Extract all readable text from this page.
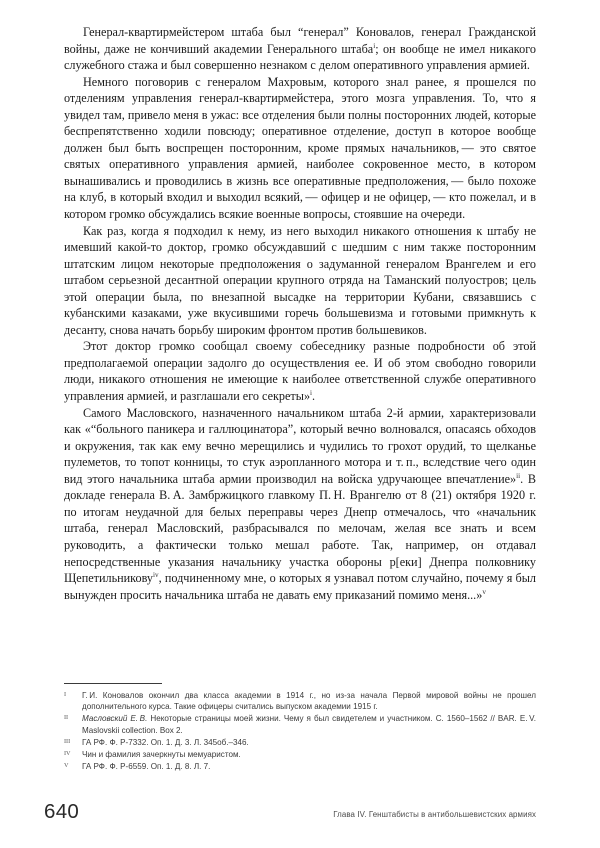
Генерал-квартирмейстером штаба был “генерал” Коновалов, генерал Гражданской войны, даже не кончивший академии Генерального штаба$^i$; он вообще не имел никакого служебного стажа и был совершенно незнаком с делом оперативного управления армией.

Немного поговорив с генералом Махровым, которого знал ранее, я прошелся по отделениям управления генерал-квартирмейстера, этого мозга управления. То, что я увидел там, привело меня в ужас: все отделения были полны посторонних людей, которые беспрепятственно ходили повсюду; оперативное отделение, доступ в которое вообще должен был быть воспрещен посторонним, кроме прямых начальников, — это святое святых оперативного управления армией, наиболее сокровенное место, в котором вынашивались и проводились в жизнь все оперативные предположения, — было похоже на клуб, в который входил и выходил всякий, — офицер и не офицер, — кто пожелал, и в котором громко обсуждались всякие военные вопросы, стоявшие на очереди.

Как раз, когда я подходил к нему, из него выходил никакого отношения к штабу не имевший какой-то доктор, громко обсуждавший с шедшим с ним также посторонним штатским лицом некоторые предположения о задуманной генералом Врангелем и его штабом серьезной десантной операции крупного отряда на Таманский полуостров; цель этой операции была, по внезапной высадке на территории Кубани, связавшись с кубанскими казаками, уже вкусившими горечь большевизма и готовыми примкнуть к десанту, снова начать борьбу широким фронтом против большевиков.

Этот доктор громко сообщал своему собеседнику разные подробности об этой предполагаемой операции задолго до осуществления ее. И об этом свободно говорили люди, никакого отношения не имеющие к наиболее ответственной службе оперативного управления армией, и разглашали его секреты»$^i$.

Самого Масловского, назначенного начальником штаба 2-й армии, характеризовали как «“больного паникера и галлюцинатора”, который вечно волновался, опасаясь обходов и окружения, так как ему вечно мерещились и чудились то грохот орудий, то щелканье пулеметов, то топот конницы, то стук аэропланного мотора и т. п., вследствие чего один вид этого начальника штаба армии производил на войска удручающее впечатление»$^{ii}$. В докладе генерала В. А. Замбржицкого главкому П. Н. Врангелю от 8 (21) октября 1920 г. по итогам неудачной для белых переправы через Днепр отмечалось, что «начальник штаба, генерал Масловский, разбрасывался по мелочам, желая все знать и всем руководить, а фактически только мешал работе. Так, например, он отдавал непосредственные указания начальнику участка обороны р[еки] Днепра полковнику Щепетильникову$^{iv}$, подчиненному мне, о которых я узнавал потом случайно, почему я был вынужден просить начальника штаба не давать ему приказаний помимо меня...»$^v$

I	Г. И. Коновалов окончил два класса академии в 1914 г., но из-за начала Первой мировой войны не прошел дополнительного курса. Такие офицеры считались выпуском академии 1915 г.
II	Масловский Е. В. Некоторые страницы моей жизни. Чему я был свидетелем и участником. С. 1560–1562 // BAR. E. V. Maslovskii collection. Box 2.
III	ГА РФ. Ф. Р-7332. Оп. 1. Д. 3. Л. 345об.–346.
IV	Чин и фамилия зачеркнуты мемуаристом.
V	ГА РФ. Ф. Р-6559. Оп. 1. Д. 8. Л. 7.
640	Глава IV. Генштабисты в антибольшевистских армиях
